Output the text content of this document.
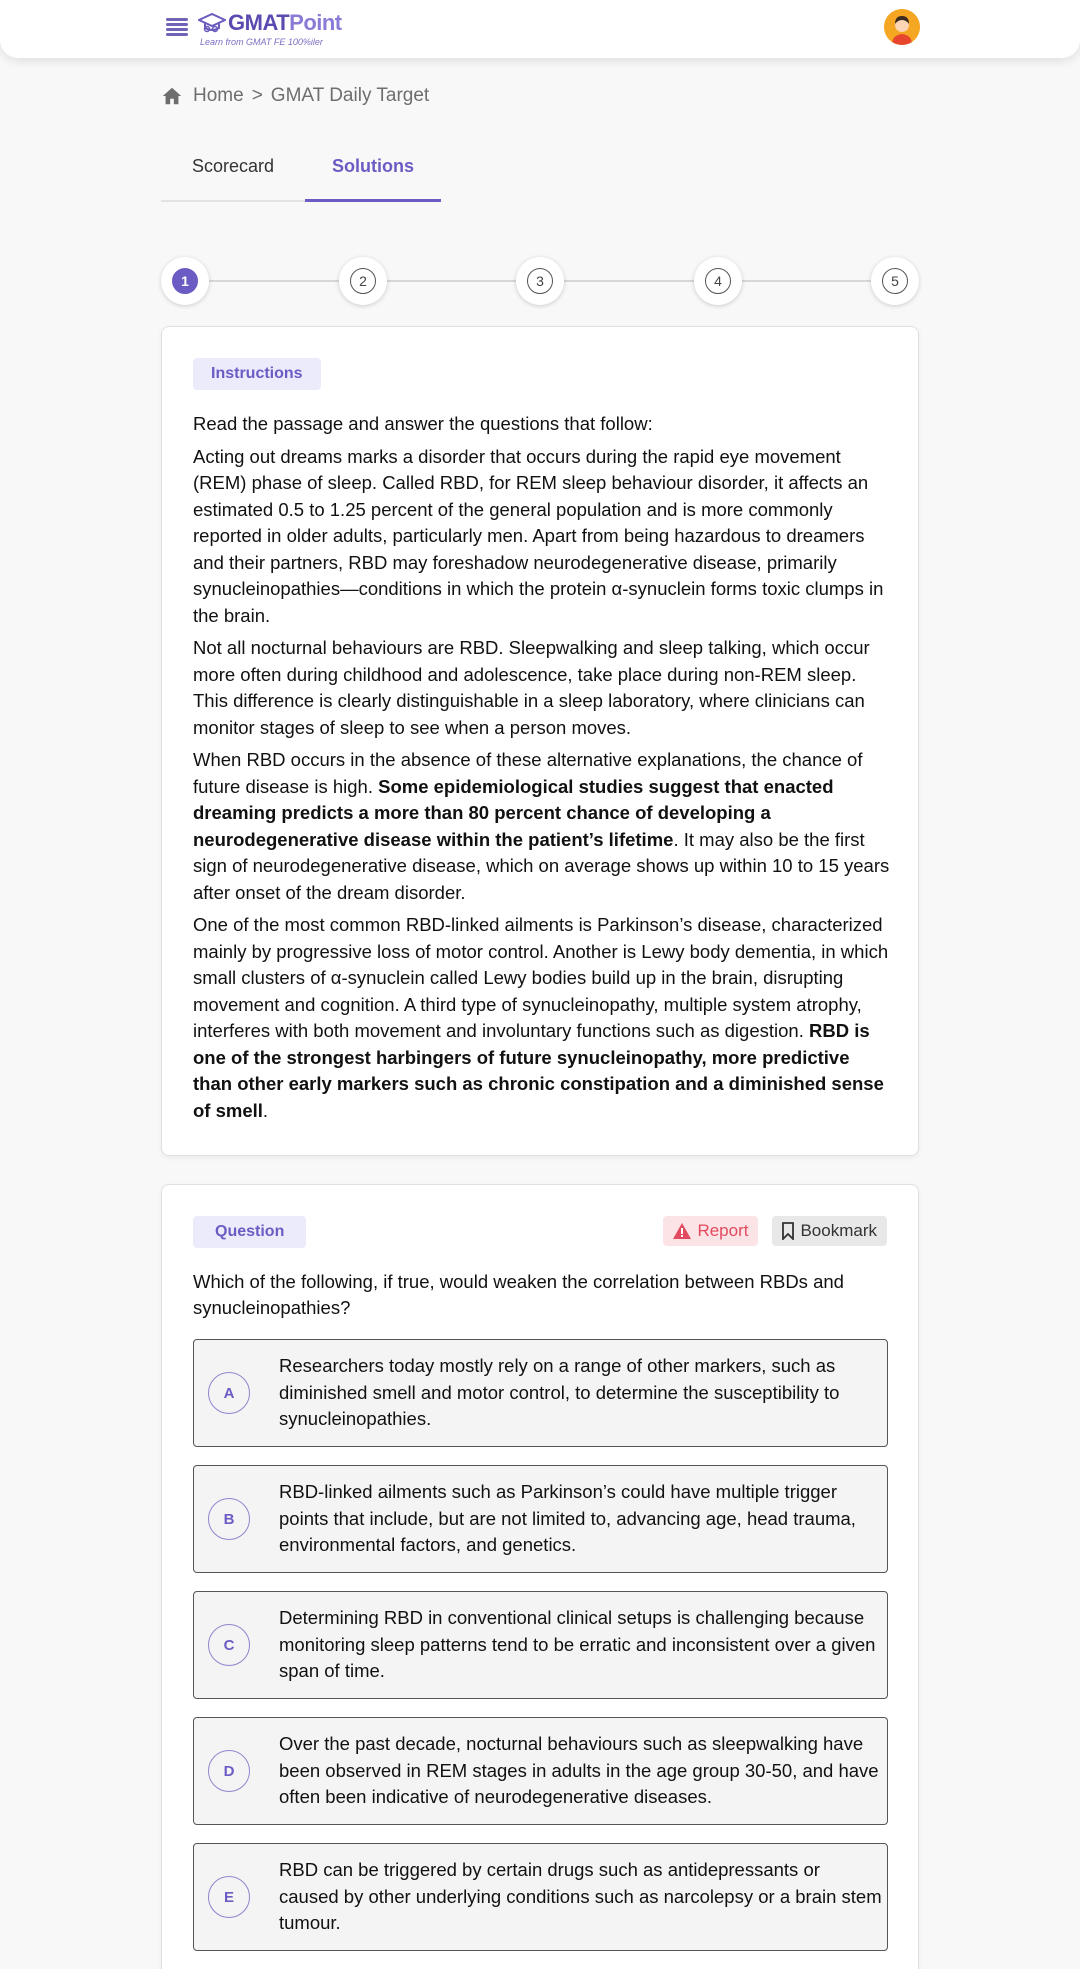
GMAT Point
Learn from GMAT FE 100%iler
Home > GMAT Daily Target
Scorecard	Solutions
1	2	3	4	5
Instructions

Read the passage and answer the questions that follow:

Acting out dreams marks a disorder that occurs during the rapid eye movement (REM) phase of sleep. Called RBD, for REM sleep behaviour disorder, it affects an estimated 0.5 to 1.25 percent of the general population and is more commonly reported in older adults, particularly men. Apart from being hazardous to dreamers and their partners, RBD may foreshadow neurodegenerative disease, primarily synucleinopathies—conditions in which the protein α-synuclein forms toxic clumps in the brain.

Not all nocturnal behaviours are RBD. Sleepwalking and sleep talking, which occur more often during childhood and adolescence, take place during non-REM sleep. This difference is clearly distinguishable in a sleep laboratory, where clinicians can monitor stages of sleep to see when a person moves.

When RBD occurs in the absence of these alternative explanations, the chance of future disease is high. Some epidemiological studies suggest that enacted dreaming predicts a more than 80 percent chance of developing a neurodegenerative disease within the patient’s lifetime. It may also be the first sign of neurodegenerative disease, which on average shows up within 10 to 15 years after onset of the dream disorder.

One of the most common RBD-linked ailments is Parkinson’s disease, characterized mainly by progressive loss of motor control. Another is Lewy body dementia, in which small clusters of α-synuclein called Lewy bodies build up in the brain, disrupting movement and cognition. A third type of synucleinopathy, multiple system atrophy, interferes with both movement and involuntary functions such as digestion. RBD is one of the strongest harbingers of future synucleinopathy, more predictive than other early markers such as chronic constipation and a diminished sense of smell.

Question	Report	Bookmark
Which of the following, if true, would weaken the correlation between RBDs and synucleinopathies?
A
Researchers today mostly rely on a range of other markers, such as diminished smell and motor control, to determine the susceptibility to synucleinopathies.
B
RBD-linked ailments such as Parkinson’s could have multiple trigger points that include, but are not limited to, advancing age, head trauma, environmental factors, and genetics.
C
Determining RBD in conventional clinical setups is challenging because monitoring sleep patterns tend to be erratic and inconsistent over a given span of time.
D
Over the past decade, nocturnal behaviours such as sleepwalking have been observed in REM stages in adults in the age group 30-50, and have often been indicative of neurodegenerative diseases.
E
RBD can be triggered by certain drugs such as antidepressants or caused by other underlying conditions such as narcolepsy or a brain stem tumour.
